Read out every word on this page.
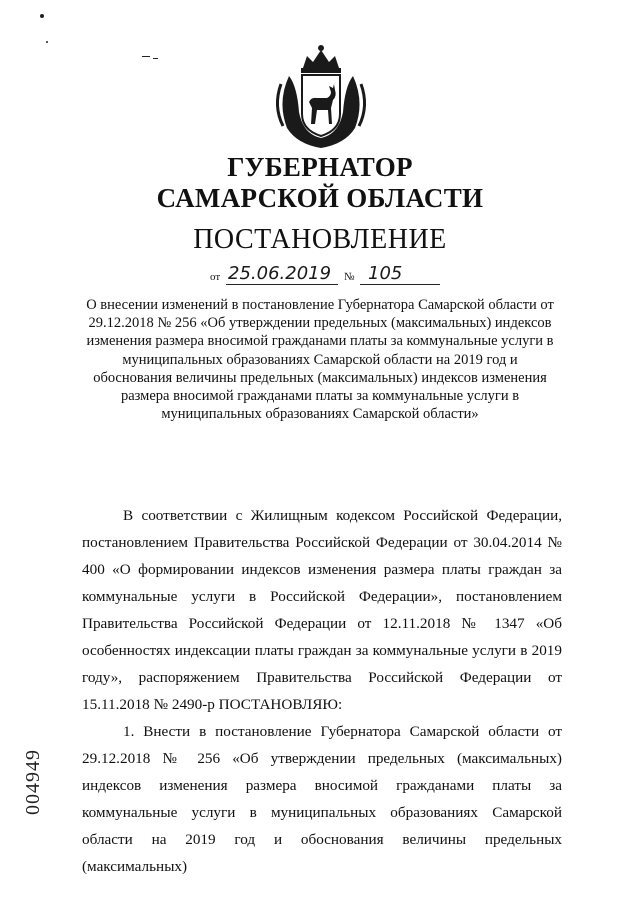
ГУБЕРНАТОР
САМАРСКОЙ ОБЛАСТИ
ПОСТАНОВЛЕНИЕ
от 25.06.2019 № 105
О внесении изменений в постановление Губернатора Самарской области от 29.12.2018 № 256 «Об утверждении предельных (максимальных) индексов изменения размера вносимой гражданами платы за коммунальные услуги в муниципальных образованиях Самарской области на 2019 год и обоснования величины предельных (максимальных) индексов изменения размера вносимой гражданами платы за коммунальные услуги в муниципальных образованиях Самарской области»

В соответствии с Жилищным кодексом Российской Федерации, постановлением Правительства Российской Федерации от 30.04.2014 № 400 «О формировании индексов изменения размера платы граждан за коммунальные услуги в Российской Федерации», постановлением Правительства Российской Федерации от 12.11.2018 № 1347 «Об особенностях индексации платы граждан за коммунальные услуги в 2019 году», распоряжением Правительства Российской Федерации от 15.11.2018 № 2490-р ПОСТАНОВЛЯЮ:

1. Внести в постановление Губернатора Самарской области от 29.12.2018 № 256 «Об утверждении предельных (максимальных) индексов изменения размера вносимой гражданами платы за коммунальные услуги в муниципальных образованиях Самарской области на 2019 год и обоснования величины предельных (максимальных)

004949
